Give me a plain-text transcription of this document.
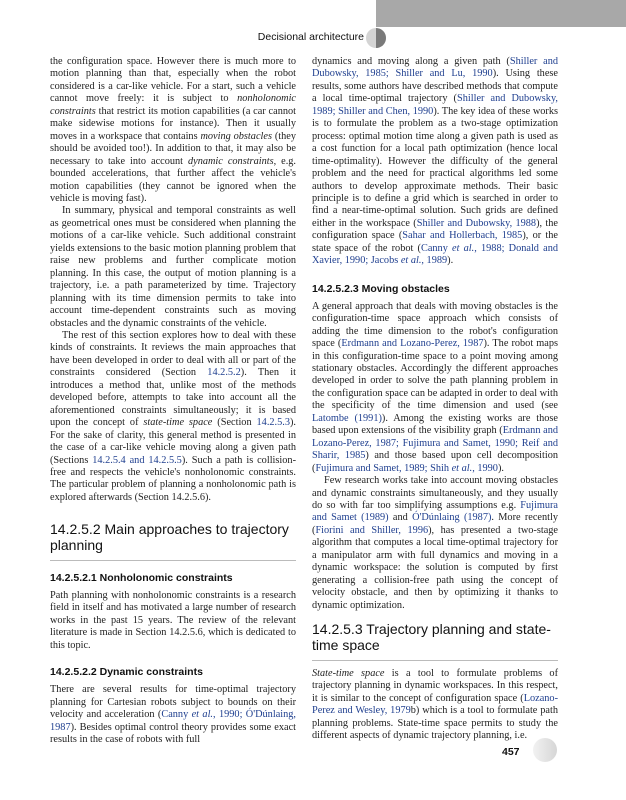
Decisional architecture	CHAPTER 14.2

the configuration space. However there is much more to motion planning than that, especially when the robot considered is a car-like vehicle. For a start, such a vehicle cannot move freely: it is subject to nonholonomic constraints that restrict its motion capabilities (a car cannot make sidewise motions for instance). Then it usually moves in a workspace that contains moving obstacles (they should be avoided too!). In addition to that, it may also be necessary to take into account dynamic constraints, e.g. bounded accelerations, that further affect the vehicle's motion capabilities (they cannot be ignored when the vehicle is moving fast).

In summary, physical and temporal constraints as well as geometrical ones must be considered when planning the motions of a car-like vehicle. Such additional constraint yields extensions to the basic motion planning problem that raise new problems and further complicate motion planning. In this case, the output of motion planning is a trajectory, i.e. a path parameterized by time. Trajectory planning with its time dimension permits to take into account time-dependent constraints such as moving obstacles and the dynamic constraints of the vehicle.

The rest of this section explores how to deal with these kinds of constraints. It reviews the main approaches that have been developed in order to deal with all or part of the constraints considered (Section 14.2.5.2). Then it introduces a method that, unlike most of the methods developed before, attempts to take into account all the aforementioned constraints simultaneously; it is based upon the concept of state-time space (Section 14.2.5.3). For the sake of clarity, this general method is presented in the case of a car-like vehicle moving along a given path (Sections 14.2.5.4 and 14.2.5.5). Such a path is collision-free and respects the vehicle's nonholonomic constraints. The particular problem of planning a nonholonomic path is explored afterwards (Section 14.2.5.6).

14.2.5.2 Main approaches to trajectory planning
14.2.5.2.1 Nonholonomic constraints

Path planning with nonholonomic constraints is a research field in itself and has motivated a large number of research works in the past 15 years. The review of the relevant literature is made in Section 14.2.5.6, which is dedicated to this topic.

14.2.5.2.2 Dynamic constraints

There are several results for time-optimal trajectory planning for Cartesian robots subject to bounds on their velocity and acceleration (Canny et al., 1990; Ó'Dúnlaing, 1987). Besides optimal control theory provides some exact results in the case of robots with full

dynamics and moving along a given path (Shiller and Dubowsky, 1985; Shiller and Lu, 1990). Using these results, some authors have described methods that compute a local time-optimal trajectory (Shiller and Dubowsky, 1989; Shiller and Chen, 1990). The key idea of these works is to formulate the problem as a two-stage optimization process: optimal motion time along a given path is used as a cost function for a local path optimization (hence local time-optimality). However the difficulty of the general problem and the need for practical algorithms led some authors to develop approximate methods. Their basic principle is to define a grid which is searched in order to find a near-time-optimal solution. Such grids are defined either in the workspace (Shiller and Dubowsky, 1988), the configuration space (Sahar and Hollerbach, 1985), or the state space of the robot (Canny et al., 1988; Donald and Xavier, 1990; Jacobs et al., 1989).

14.2.5.2.3 Moving obstacles

A general approach that deals with moving obstacles is the configuration-time space approach which consists of adding the time dimension to the robot's configuration space (Erdmann and Lozano-Perez, 1987). The robot maps in this configuration-time space to a point moving among stationary obstacles. Accordingly the different approaches developed in order to solve the path planning problem in the configuration space can be adapted in order to deal with the specificity of the time dimension and used (see Latombe (1991)). Among the existing works are those based upon extensions of the visibility graph (Erdmann and Lozano-Perez, 1987; Fujimura and Samet, 1990; Reif and Sharir, 1985) and those based upon cell decomposition (Fujimura and Samet, 1989; Shih et al., 1990).

Few research works take into account moving obstacles and dynamic constraints simultaneously, and they usually do so with far too simplifying assumptions e.g. Fujimura and Samet (1989) and Ó'Dúnlaing (1987). More recently (Fiorini and Shiller, 1996), has presented a two-stage algorithm that computes a local time-optimal trajectory for a manipulator arm with full dynamics and moving in a dynamic workspace: the solution is computed by first generating a collision-free path using the concept of velocity obstacle, and then by optimizing it thanks to dynamic optimization.

14.2.5.3 Trajectory planning and state-time space

State-time space is a tool to formulate problems of trajectory planning in dynamic workspaces. In this respect, it is similar to the concept of configuration space (Lozano-Perez and Wesley, 1979b) which is a tool to formulate path planning problems. State-time space permits to study the different aspects of dynamic trajectory planning, i.e.

457
